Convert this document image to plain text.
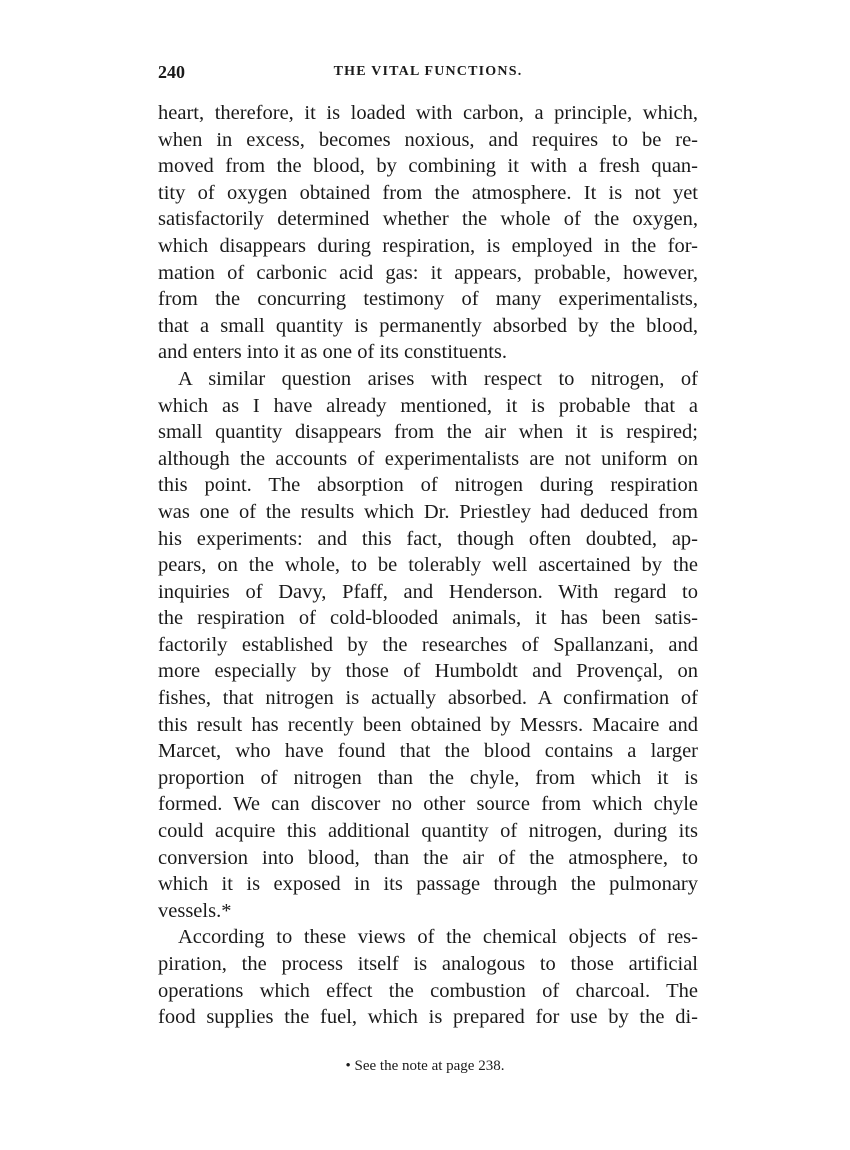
240	THE VITAL FUNCTIONS.
heart, therefore, it is loaded with carbon, a principle, which,
when in excess, becomes noxious, and requires to be re-
moved from the blood, by combining it with a fresh quan-
tity of oxygen obtained from the atmosphere. It is not yet
satisfactorily determined whether the whole of the oxygen,
which disappears during respiration, is employed in the for-
mation of carbonic acid gas: it appears, probable, however,
from the concurring testimony of many experimentalists,
that a small quantity is permanently absorbed by the blood,
and enters into it as one of its constituents.
A similar question arises with respect to nitrogen, of
which as I have already mentioned, it is probable that a
small quantity disappears from the air when it is respired;
although the accounts of experimentalists are not uniform on
this point. The absorption of nitrogen during respiration
was one of the results which Dr. Priestley had deduced from
his experiments: and this fact, though often doubted, ap-
pears, on the whole, to be tolerably well ascertained by the
inquiries of Davy, Pfaff, and Henderson. With regard to
the respiration of cold-blooded animals, it has been satis-
factorily established by the researches of Spallanzani, and
more especially by those of Humboldt and Provençal, on
fishes, that nitrogen is actually absorbed. A confirmation of
this result has recently been obtained by Messrs. Macaire and
Marcet, who have found that the blood contains a larger
proportion of nitrogen than the chyle, from which it is
formed. We can discover no other source from which chyle
could acquire this additional quantity of nitrogen, during its
conversion into blood, than the air of the atmosphere, to
which it is exposed in its passage through the pulmonary
vessels.*
According to these views of the chemical objects of res-
piration, the process itself is analogous to those artificial
operations which effect the combustion of charcoal. The
food supplies the fuel, which is prepared for use by the di-
• See the note at page 238.
